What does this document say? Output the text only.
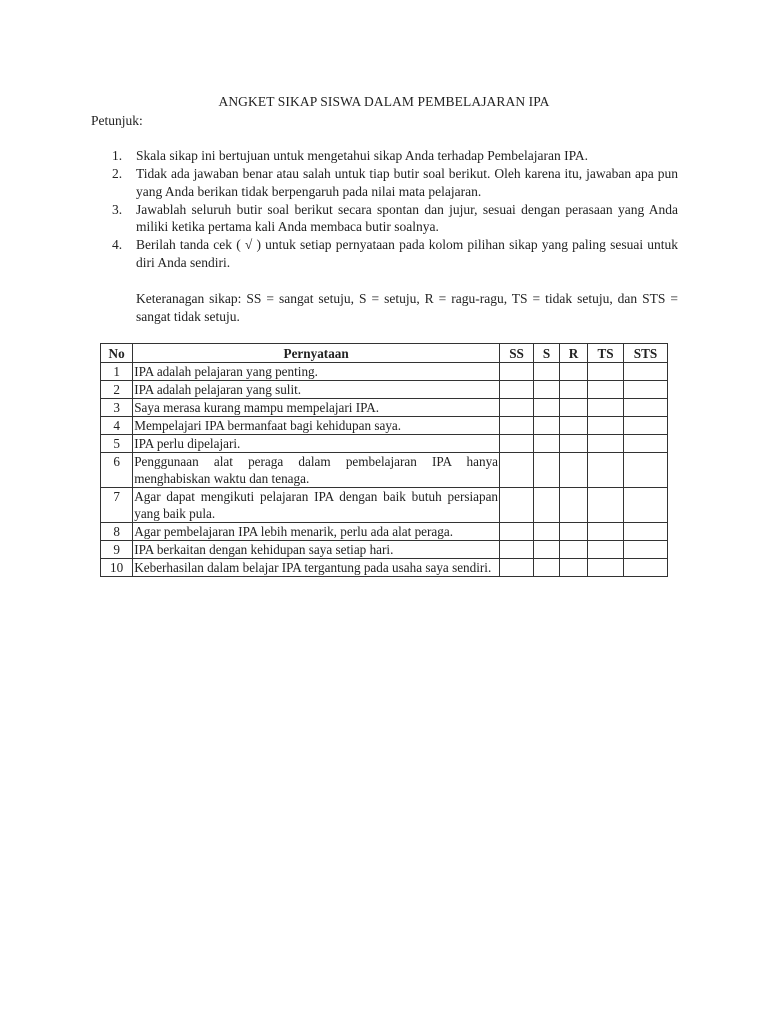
ANGKET SIKAP SISWA DALAM PEMBELAJARAN IPA
Petunjuk:
1. Skala sikap ini bertujuan untuk mengetahui sikap Anda terhadap Pembelajaran IPA.
2. Tidak ada jawaban benar atau salah untuk tiap butir soal berikut. Oleh karena itu, jawaban apa pun yang Anda berikan tidak berpengaruh pada nilai mata pelajaran.
3. Jawablah seluruh butir soal berikut secara spontan dan jujur, sesuai dengan perasaan yang Anda miliki ketika pertama kali Anda membaca butir soalnya.
4. Berilah tanda cek ( √ ) untuk setiap pernyataan pada kolom pilihan sikap yang paling sesuai untuk diri Anda sendiri.
Keteranagan sikap: SS = sangat setuju, S = setuju, R = ragu-ragu, TS = tidak setuju, dan STS = sangat tidak setuju.
No	Pernyataan	SS	S	R	TS	STS
1	IPA adalah pelajaran yang penting.					
2	IPA adalah pelajaran yang sulit.					
3	Saya merasa kurang mampu mempelajari IPA.					
4	Mempelajari IPA bermanfaat bagi kehidupan saya.					
5	IPA perlu dipelajari.					
6	Penggunaan alat peraga dalam pembelajaran IPA hanya menghabiskan waktu dan tenaga.					
7	Agar dapat mengikuti pelajaran IPA dengan baik butuh persiapan yang baik pula.					
8	Agar pembelajaran IPA lebih menarik, perlu ada alat peraga.					
9	IPA berkaitan dengan kehidupan saya setiap hari.					
10	Keberhasilan dalam belajar IPA tergantung pada usaha saya sendiri.					
